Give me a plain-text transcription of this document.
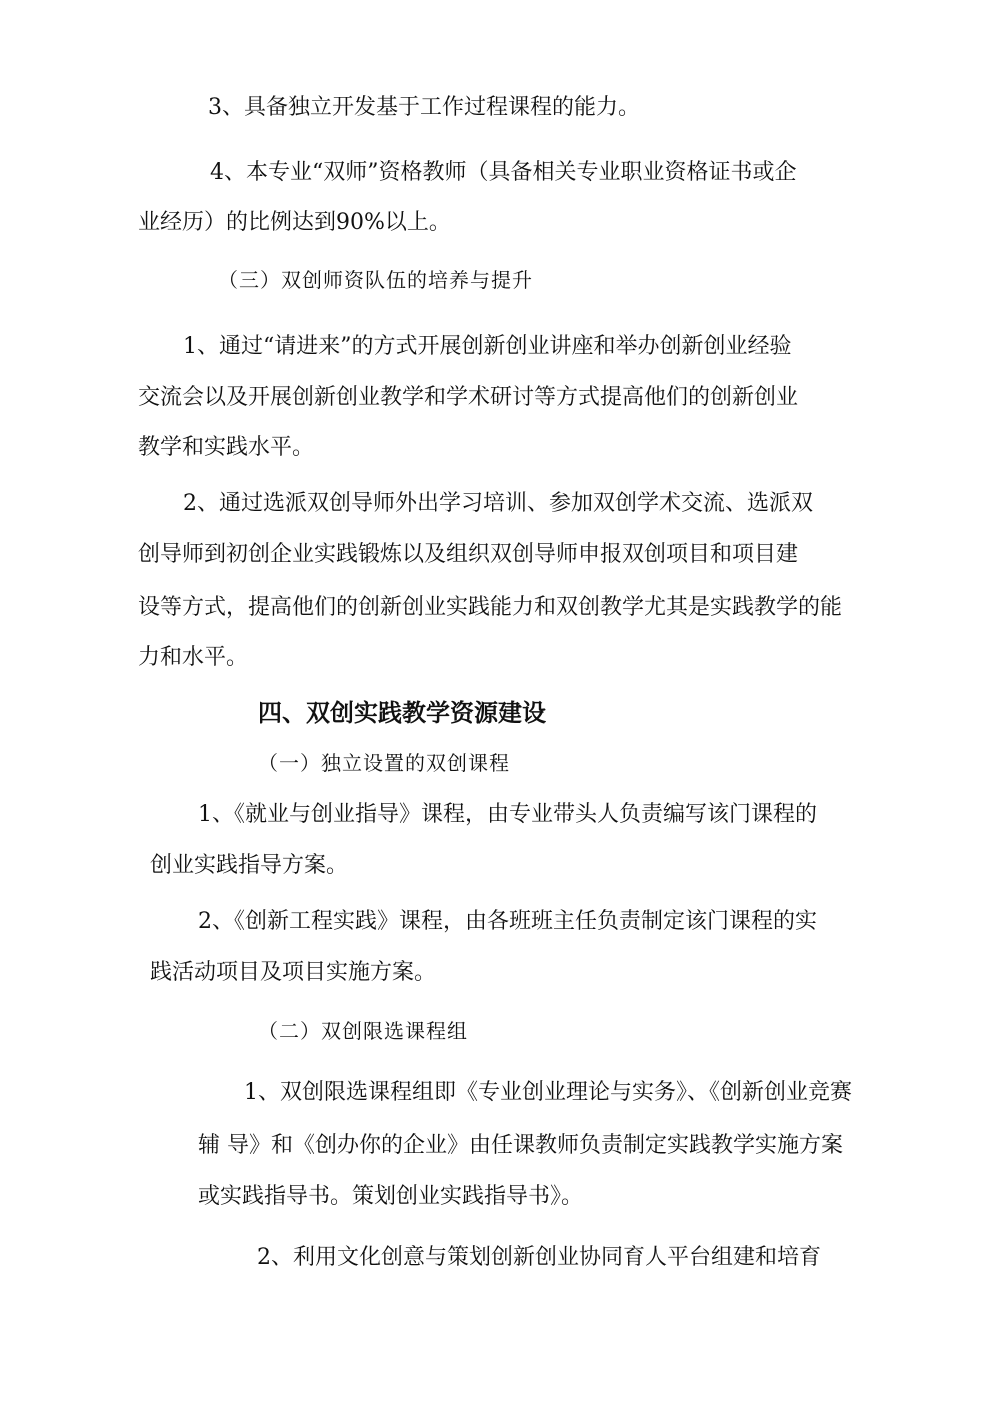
3、具备独立开发基于工作过程课程的能力。
4、本专业“双师”资格教师（具备相关专业职业资格证书或企
业经历）的比例达到90%以上。
（三）双创师资队伍的培养与提升
1、通过“请进来”的方式开展创新创业讲座和举办创新创业经验
交流会以及开展创新创业教学和学术研讨等方式提高他们的创新创业
教学和实践水平。
2、通过选派双创导师外出学习培训、参加双创学术交流、选派双
创导师到初创企业实践锻炼以及组织双创导师申报双创项目和项目建
设等方式，提高他们的创新创业实践能力和双创教学尤其是实践教学的能
力和水平。
四、双创实践教学资源建设
（一）独立设置的双创课程
1、《就业与创业指导》课程，由专业带头人负责编写该门课程的
创业实践指导方案。
2、《创新工程实践》课程，由各班班主任负责制定该门课程的实
践活动项目及项目实施方案。
（二）双创限选课程组
1、双创限选课程组即《专业创业理论与实务》、《创新创业竞赛
辅 导》和《创办你的企业》由任课教师负责制定实践教学实施方案
或实践指导书。策划创业实践指导书》。
2、利用文化创意与策划创新创业协同育人平台组建和培育
